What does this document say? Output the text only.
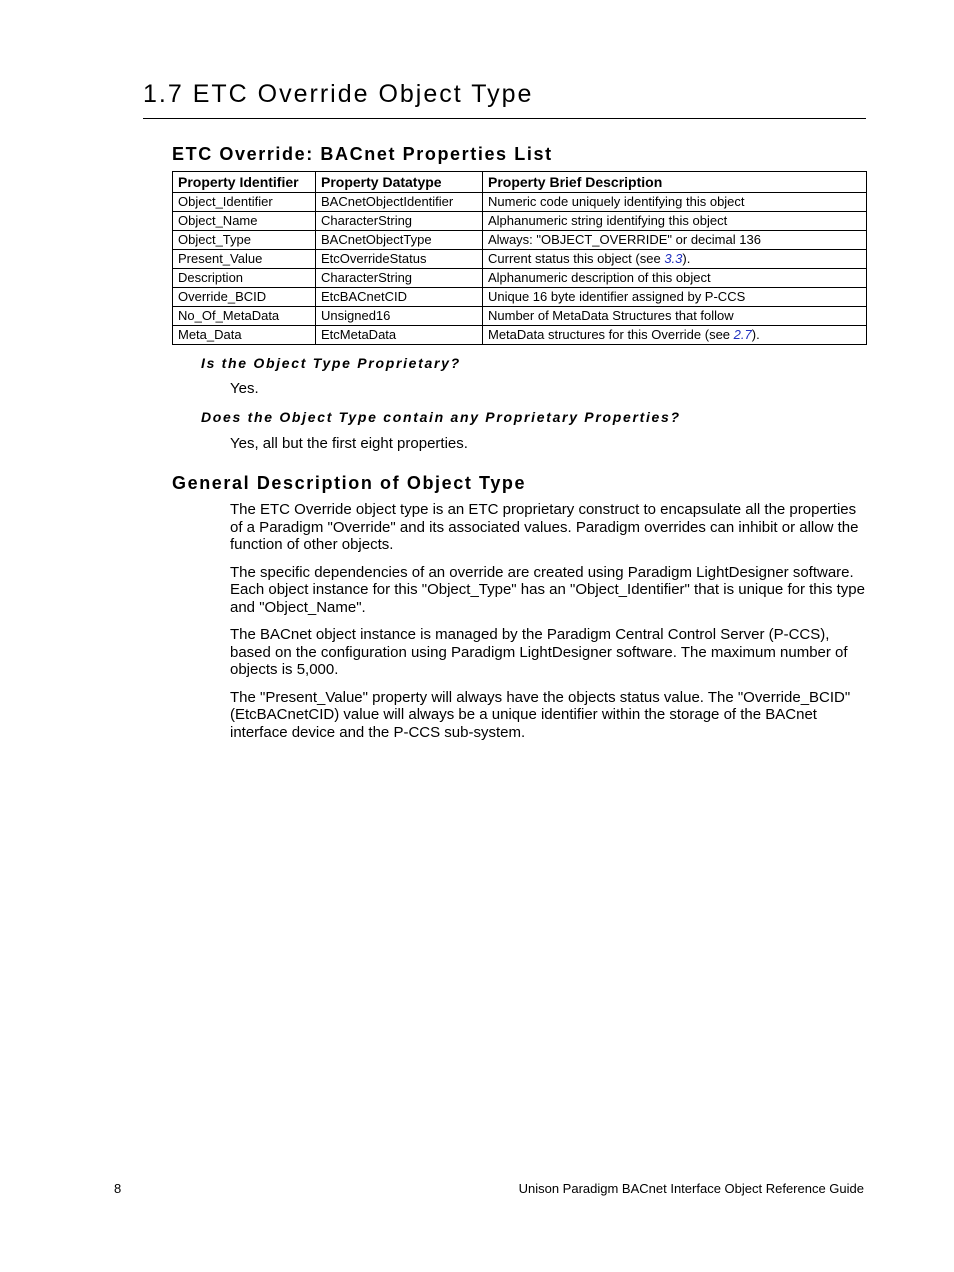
1.7 ETC Override Object Type
ETC Override: BACnet Properties List
Property Identifier	Property Datatype	Property Brief Description
Object_Identifier	BACnetObjectIdentifier	Numeric code uniquely identifying this object
Object_Name	CharacterString	Alphanumeric string identifying this object
Object_Type	BACnetObjectType	Always: "OBJECT_OVERRIDE" or decimal 136
Present_Value	EtcOverrideStatus	Current status this object (see 3.3).
Description	CharacterString	Alphanumeric description of this object
Override_BCID	EtcBACnetCID	Unique 16 byte identifier assigned by P-CCS
No_Of_MetaData	Unsigned16	Number of MetaData Structures that follow
Meta_Data	EtcMetaData	MetaData structures for this Override (see 2.7).
Is the Object Type Proprietary?

Yes.

Does the Object Type contain any Proprietary Properties?

Yes, all but the first eight properties.

General Description of Object Type

The ETC Override object type is an ETC proprietary construct to encapsulate all the properties of a Paradigm "Override" and its associated values. Paradigm overrides can inhibit or allow the function of other objects.

The specific dependencies of an override are created using Paradigm LightDesigner software. Each object instance for this "Object_Type" has an "Object_Identifier" that is unique for this type and "Object_Name".

The BACnet object instance is managed by the Paradigm Central Control Server (P-CCS), based on the configuration using Paradigm LightDesigner software. The maximum number of objects is 5,000.

The "Present_Value" property will always have the objects status value. The "Override_BCID" (EtcBACnetCID) value will always be a unique identifier within the storage of the BACnet interface device and the P-CCS sub-system.

8	Unison Paradigm BACnet Interface Object Reference Guide
